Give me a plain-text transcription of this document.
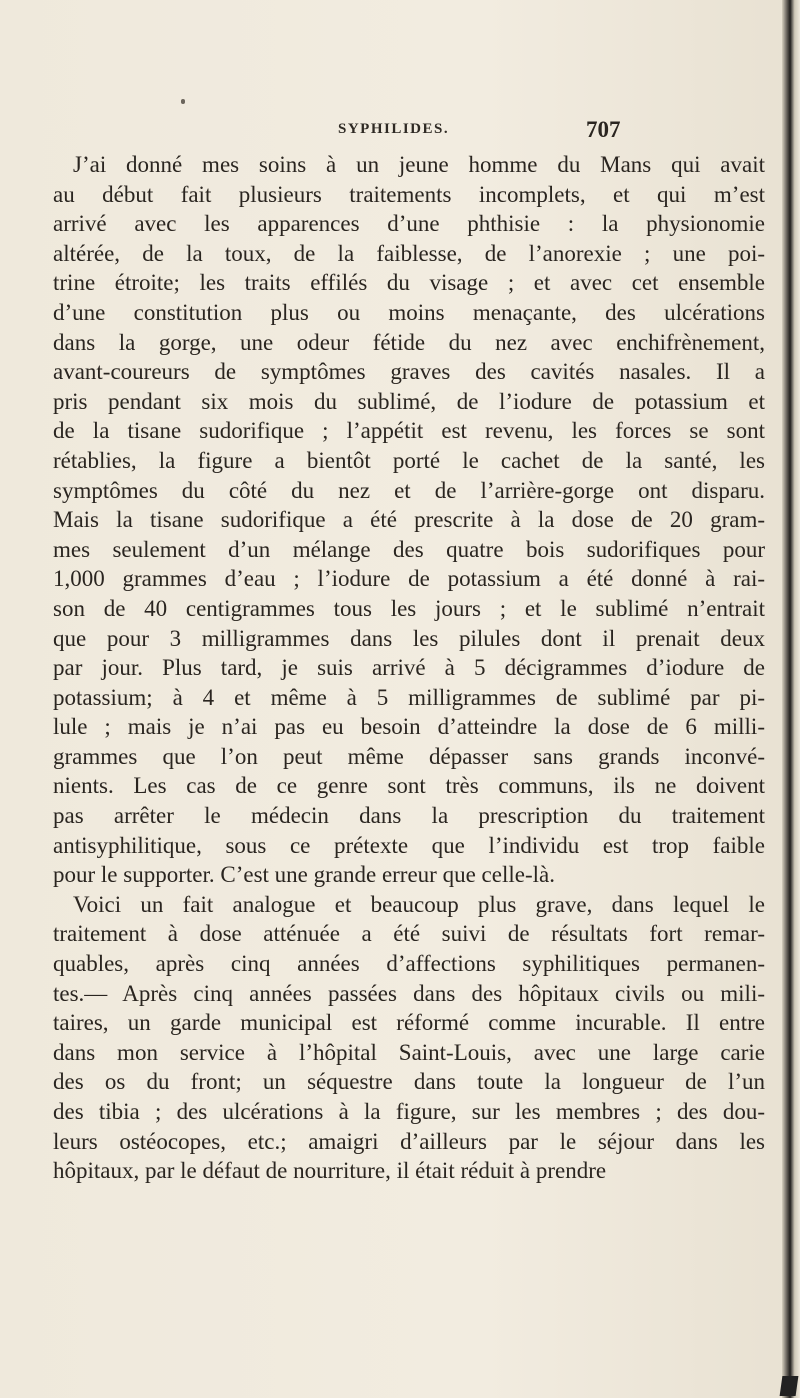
SYPHILIDES.	707
J’ai donné mes soins à un jeune homme du Mans qui avait
au début fait plusieurs traitements incomplets, et qui m’est
arrivé avec les apparences d’une phthisie : la physionomie
altérée, de la toux, de la faiblesse, de l’anorexie ; une poi-
trine étroite; les traits effilés du visage ; et avec cet ensemble
d’une constitution plus ou moins menaçante, des ulcérations
dans la gorge, une odeur fétide du nez avec enchifrènement,
avant-coureurs de symptômes graves des cavités nasales. Il a
pris pendant six mois du sublimé, de l’iodure de potassium et
de la tisane sudorifique ; l’appétit est revenu, les forces se sont
rétablies, la figure a bientôt porté le cachet de la santé, les
symptômes du côté du nez et de l’arrière-gorge ont disparu.
Mais la tisane sudorifique a été prescrite à la dose de 20 gram-
mes seulement d’un mélange des quatre bois sudorifiques pour
1,000 grammes d’eau ; l’iodure de potassium a été donné à rai-
son de 40 centigrammes tous les jours ; et le sublimé n’entrait
que pour 3 milligrammes dans les pilules dont il prenait deux
par jour. Plus tard, je suis arrivé à 5 décigrammes d’iodure de
potassium; à 4 et même à 5 milligrammes de sublimé par pi-
lule ; mais je n’ai pas eu besoin d’atteindre la dose de 6 milli-
grammes que l’on peut même dépasser sans grands inconvé-
nients. Les cas de ce genre sont très communs, ils ne doivent
pas arrêter le médecin dans la prescription du traitement
antisyphilitique, sous ce prétexte que l’individu est trop faible
pour le supporter. C’est une grande erreur que celle-là.
Voici un fait analogue et beaucoup plus grave, dans lequel le
traitement à dose atténuée a été suivi de résultats fort remar-
quables, après cinq années d’affections syphilitiques permanen-
tes.— Après cinq années passées dans des hôpitaux civils ou mili-
taires, un garde municipal est réformé comme incurable. Il entre
dans mon service à l’hôpital Saint-Louis, avec une large carie
des os du front; un séquestre dans toute la longueur de l’un
des tibia ; des ulcérations à la figure, sur les membres ; des dou-
leurs ostéocopes, etc.; amaigri d’ailleurs par le séjour dans les
hôpitaux, par le défaut de nourriture, il était réduit à prendre
